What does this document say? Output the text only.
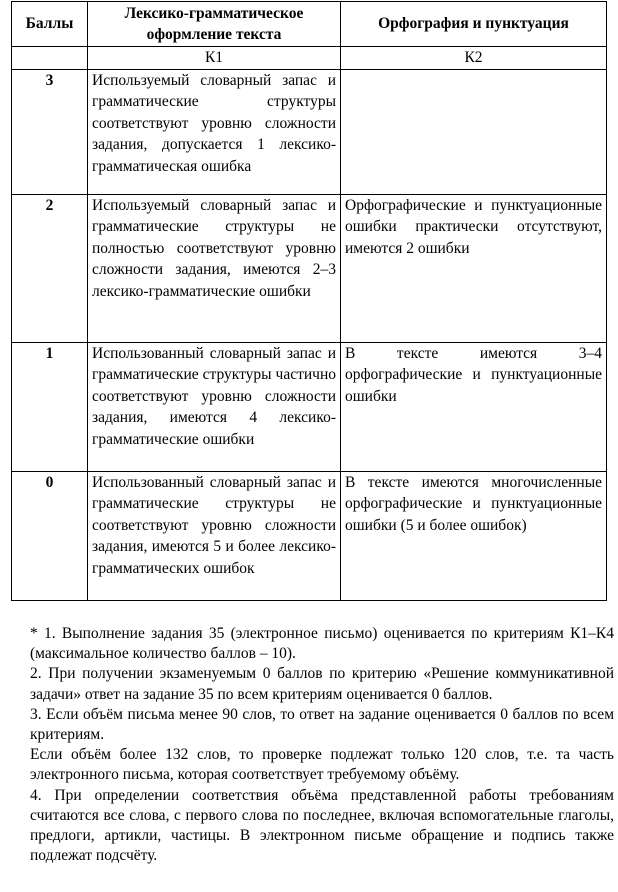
Баллы	Лексико-грамматическое оформление текста	Орфография и пунктуация
	К1	К2
3	Используемый словарный запас и грамматические структуры соответствуют уровню сложности задания, допускается 1 лексико-грамматическая ошибка	
2	Используемый словарный запас и грамматические структуры не полностью соответствуют уровню сложности задания, имеются 2–3 лексико-грамматические ошибки	Орфографические и пунктуационные ошибки практически отсутствуют, имеются 2 ошибки
1	Использованный словарный запас и грамматические структуры частично соответствуют уровню сложности задания, имеются 4 лексико-грамматические ошибки	В тексте имеются 3–4 орфографические и пунктуационные ошибки
0	Использованный словарный запас и грамматические структуры не соответствуют уровню сложности задания, имеются 5 и более лексико-грамматических ошибок	В тексте имеются многочисленные орфографические и пунктуационные ошибки (5 и более ошибок)

* 1. Выполнение задания 35 (электронное письмо) оценивается по критериям К1–К4 (максимальное количество баллов – 10).

2. При получении экзаменуемым 0 баллов по критерию «Решение коммуникативной задачи» ответ на задание 35 по всем критериям оценивается 0 баллов.

3. Если объём письма менее 90 слов, то ответ на задание оценивается 0 баллов по всем критериям.

Если объём более 132 слов, то проверке подлежат только 120 слов, т.е. та часть электронного письма, которая соответствует требуемому объёму.

4. При определении соответствия объёма представленной работы требованиям считаются все слова, с первого слова по последнее, включая вспомогательные глаголы, предлоги, артикли, частицы. В электронном письме обращение и подпись также подлежат подсчёту.
